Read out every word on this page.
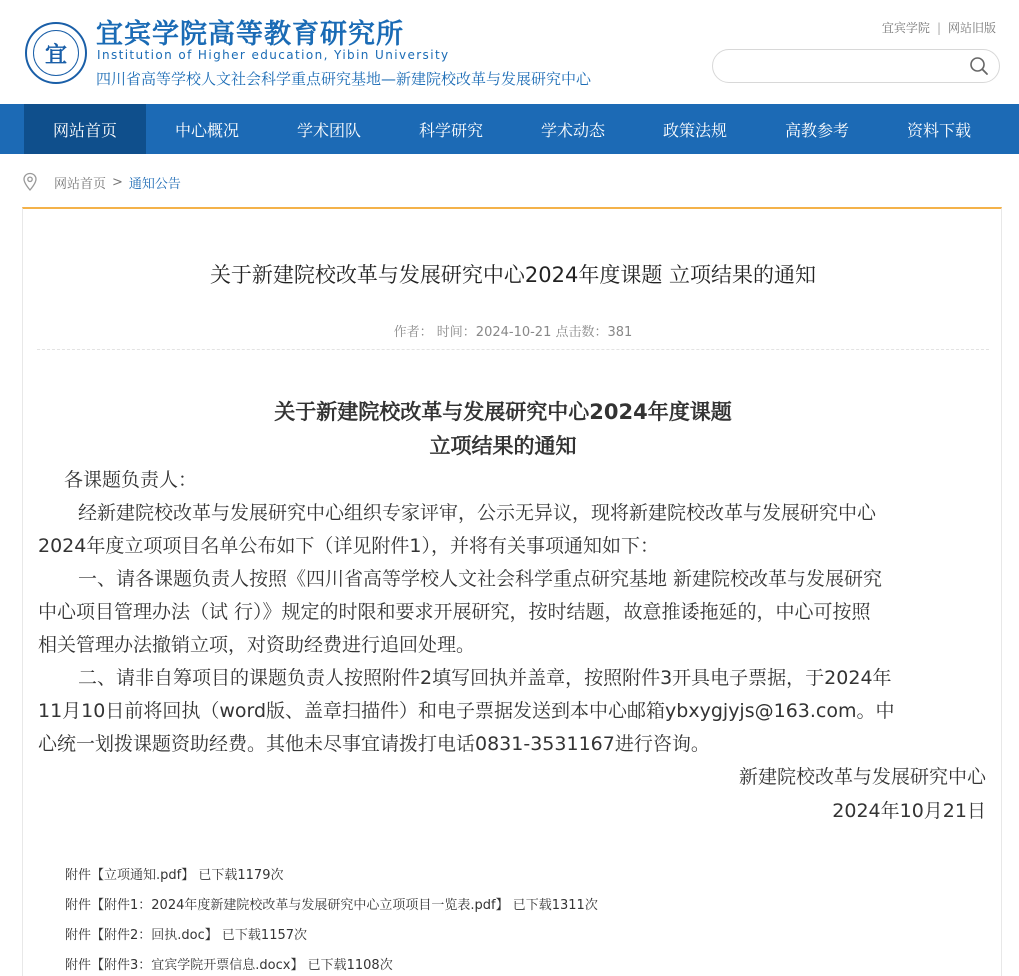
宜
宜宾学院高等教育研究所
Institution of Higher education, Yibin University
四川省高等学校人文社会科学重点研究基地—新建院校改革与发展研究中心
宜宾学院 | 网站旧版
网站首页	中心概况	学术团队	科学研究	学术动态	政策法规	高教参考	资料下载
网站首页 > 通知公告
关于新建院校改革与发展研究中心2024年度课题 立项结果的通知
作者： 时间：2024-10-21 点击数：381
关于新建院校改革与发展研究中心2024年度课题
立项结果的通知
各课题负责人：
经新建院校改革与发展研究中心组织专家评审，公示无异议，现将新建院校改革与发展研究中心
2024年度立项项目名单公布如下（详见附件1），并将有关事项通知如下：
一、请各课题负责人按照《四川省高等学校人文社会科学重点研究基地 新建院校改革与发展研究
中心项目管理办法（试 行）》规定的时限和要求开展研究，按时结题，故意推诿拖延的，中心可按照
相关管理办法撤销立项，对资助经费进行追回处理。
二、请非自筹项目的课题负责人按照附件2填写回执并盖章，按照附件3开具电子票据，于2024年
11月10日前将回执（word版、盖章扫描件）和电子票据发送到本中心邮箱ybxygjyjs@163.com。中
心统一划拨课题资助经费。其他未尽事宜请拨打电话0831-3531167进行咨询。
新建院校改革与发展研究中心
2024年10月21日
附件【立项通知.pdf】 已下载1179次
附件【附件1：2024年度新建院校改革与发展研究中心立项项目一览表.pdf】 已下载1311次
附件【附件2：回执.doc】 已下载1157次
附件【附件3：宜宾学院开票信息.docx】 已下载1108次
